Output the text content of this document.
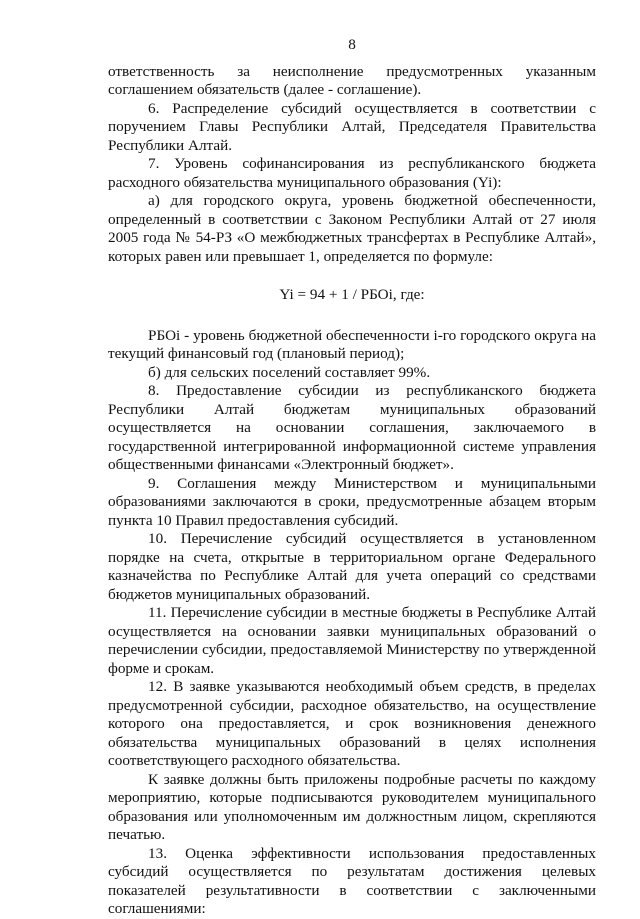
8

ответственность за неисполнение предусмотренных указанным соглашением обязательств (далее - соглашение).

6. Распределение субсидий осуществляется в соответствии с поручением Главы Республики Алтай, Председателя Правительства Республики Алтай.

7. Уровень софинансирования из республиканского бюджета расходного обязательства муниципального образования (Yi):

а) для городского округа, уровень бюджетной обеспеченности, определенный в соответствии с Законом Республики Алтай от 27 июля 2005 года № 54-РЗ «О межбюджетных трансфертах в Республике Алтай», которых равен или превышает 1, определяется по формуле:

Yi = 94 + 1 / РБОi, где:

РБОi - уровень бюджетной обеспеченности i-го городского округа на текущий финансовый год (плановый период);

б) для сельских поселений составляет 99%.

8. Предоставление субсидии из республиканского бюджета Республики Алтай бюджетам муниципальных образований осуществляется на основании соглашения, заключаемого в государственной интегрированной информационной системе управления общественными финансами «Электронный бюджет».

9. Соглашения между Министерством и муниципальными образованиями заключаются в сроки, предусмотренные абзацем вторым пункта 10 Правил предоставления субсидий.

10. Перечисление субсидий осуществляется в установленном порядке на счета, открытые в территориальном органе Федерального казначейства по Республике Алтай для учета операций со средствами бюджетов муниципальных образований.

11. Перечисление субсидии в местные бюджеты в Республике Алтай осуществляется на основании заявки муниципальных образований о перечислении субсидии, предоставляемой Министерству по утвержденной форме и срокам.

12. В заявке указываются необходимый объем средств, в пределах предусмотренной субсидии, расходное обязательство, на осуществление которого она предоставляется, и срок возникновения денежного обязательства муниципальных образований в целях исполнения соответствующего расходного обязательства.

К заявке должны быть приложены подробные расчеты по каждому мероприятию, которые подписываются руководителем муниципального образования или уполномоченным им должностным лицом, скрепляются печатью.

13. Оценка эффективности использования предоставленных субсидий осуществляется по результатам достижения целевых показателей результативности в соответствии с заключенными соглашениями:
